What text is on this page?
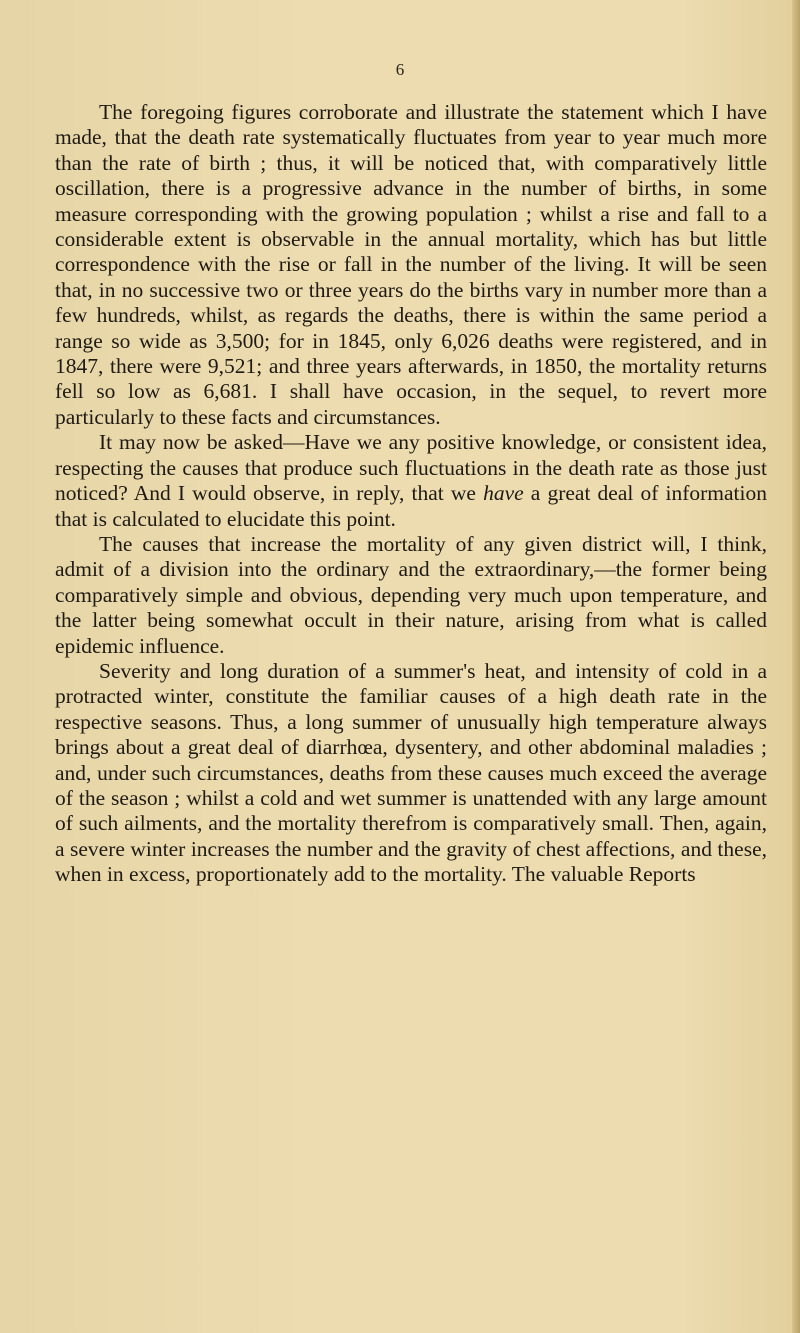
6

The foregoing figures corroborate and illustrate the statement which I have made, that the death rate systematically fluctuates from year to year much more than the rate of birth ; thus, it will be noticed that, with comparatively little oscillation, there is a progressive advance in the number of births, in some measure corresponding with the growing population ; whilst a rise and fall to a considerable extent is observable in the annual mortality, which has but little correspondence with the rise or fall in the number of the living. It will be seen that, in no successive two or three years do the births vary in number more than a few hundreds, whilst, as regards the deaths, there is within the same period a range so wide as 3,500; for in 1845, only 6,026 deaths were registered, and in 1847, there were 9,521; and three years afterwards, in 1850, the mortality returns fell so low as 6,681. I shall have occasion, in the sequel, to revert more particularly to these facts and circumstances.

It may now be asked—Have we any positive knowledge, or consistent idea, respecting the causes that produce such fluctuations in the death rate as those just noticed? And I would observe, in reply, that we have a great deal of information that is calculated to elucidate this point.

The causes that increase the mortality of any given district will, I think, admit of a division into the ordinary and the extraordinary,—the former being comparatively simple and obvious, depending very much upon temperature, and the latter being somewhat occult in their nature, arising from what is called epidemic influence.

Severity and long duration of a summer's heat, and intensity of cold in a protracted winter, constitute the familiar causes of a high death rate in the respective seasons. Thus, a long summer of unusually high temperature always brings about a great deal of diarrhœa, dysentery, and other abdominal maladies ; and, under such circumstances, deaths from these causes much exceed the average of the season ; whilst a cold and wet summer is unattended with any large amount of such ailments, and the mortality therefrom is comparatively small. Then, again, a severe winter increases the number and the gravity of chest affections, and these, when in excess, proportionately add to the mortality. The valuable Reports
